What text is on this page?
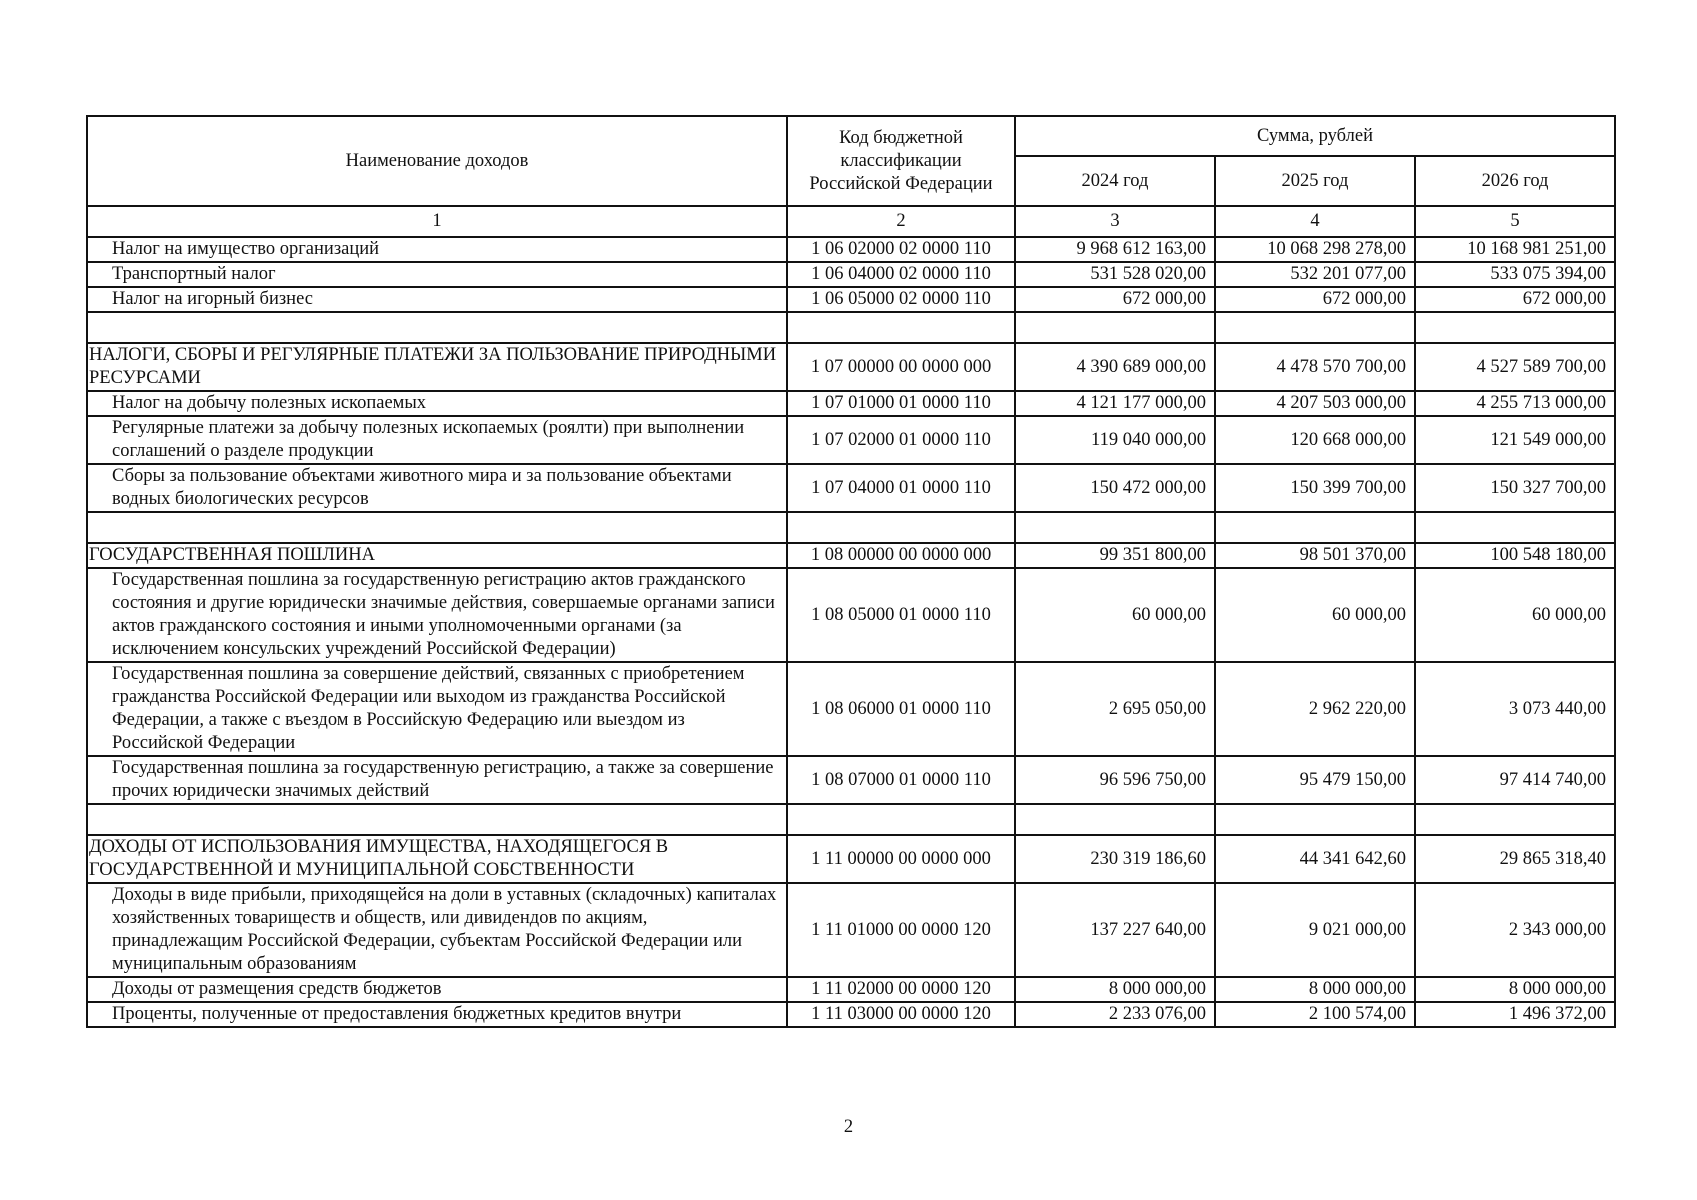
Наименование доходов	Код бюджетной классификации Российской Федерации	Сумма, рублей		
		2024 год	2025 год	2026 год
1	2	3	4	5
Налог на имущество организаций	1 06 02000 02 0000 110	9 968 612 163,00	10 068 298 278,00	10 168 981 251,00
Транспортный налог	1 06 04000 02 0000 110	531 528 020,00	532 201 077,00	533 075 394,00
Налог на игорный бизнес	1 06 05000 02 0000 110	672 000,00	672 000,00	672 000,00

НАЛОГИ, СБОРЫ И РЕГУЛЯРНЫЕ ПЛАТЕЖИ ЗА ПОЛЬЗОВАНИЕ ПРИРОДНЫМИ РЕСУРСАМИ	1 07 00000 00 0000 000	4 390 689 000,00	4 478 570 700,00	4 527 589 700,00
Налог на добычу полезных ископаемых	1 07 01000 01 0000 110	4 121 177 000,00	4 207 503 000,00	4 255 713 000,00
Регулярные платежи за добычу полезных ископаемых (роялти) при выполнении соглашений о разделе продукции	1 07 02000 01 0000 110	119 040 000,00	120 668 000,00	121 549 000,00
Сборы за пользование объектами животного мира и за пользование объектами водных биологических ресурсов	1 07 04000 01 0000 110	150 472 000,00	150 399 700,00	150 327 700,00

ГОСУДАРСТВЕННАЯ ПОШЛИНА	1 08 00000 00 0000 000	99 351 800,00	98 501 370,00	100 548 180,00
Государственная пошлина за государственную регистрацию актов гражданского состояния и другие юридически значимые действия, совершаемые органами записи актов гражданского состояния и иными уполномоченными органами (за исключением консульских учреждений Российской Федерации)	1 08 05000 01 0000 110	60 000,00	60 000,00	60 000,00
Государственная пошлина за совершение действий, связанных с приобретением гражданства Российской Федерации или выходом из гражданства Российской Федерации, а также с въездом в Российскую Федерацию или выездом из Российской Федерации	1 08 06000 01 0000 110	2 695 050,00	2 962 220,00	3 073 440,00
Государственная пошлина за государственную регистрацию, а также за совершение прочих юридически значимых действий	1 08 07000 01 0000 110	96 596 750,00	95 479 150,00	97 414 740,00

ДОХОДЫ ОТ ИСПОЛЬЗОВАНИЯ ИМУЩЕСТВА, НАХОДЯЩЕГОСЯ В ГОСУДАРСТВЕННОЙ И МУНИЦИПАЛЬНОЙ СОБСТВЕННОСТИ	1 11 00000 00 0000 000	230 319 186,60	44 341 642,60	29 865 318,40
Доходы в виде прибыли, приходящейся на доли в уставных (складочных) капиталах хозяйственных товариществ и обществ, или дивидендов по акциям, принадлежащим Российской Федерации, субъектам Российской Федерации или муниципальным образованиям	1 11 01000 00 0000 120	137 227 640,00	9 021 000,00	2 343 000,00
Доходы от размещения средств бюджетов	1 11 02000 00 0000 120	8 000 000,00	8 000 000,00	8 000 000,00
Проценты, полученные от предоставления бюджетных кредитов внутри	1 11 03000 00 0000 120	2 233 076,00	2 100 574,00	1 496 372,00
2
